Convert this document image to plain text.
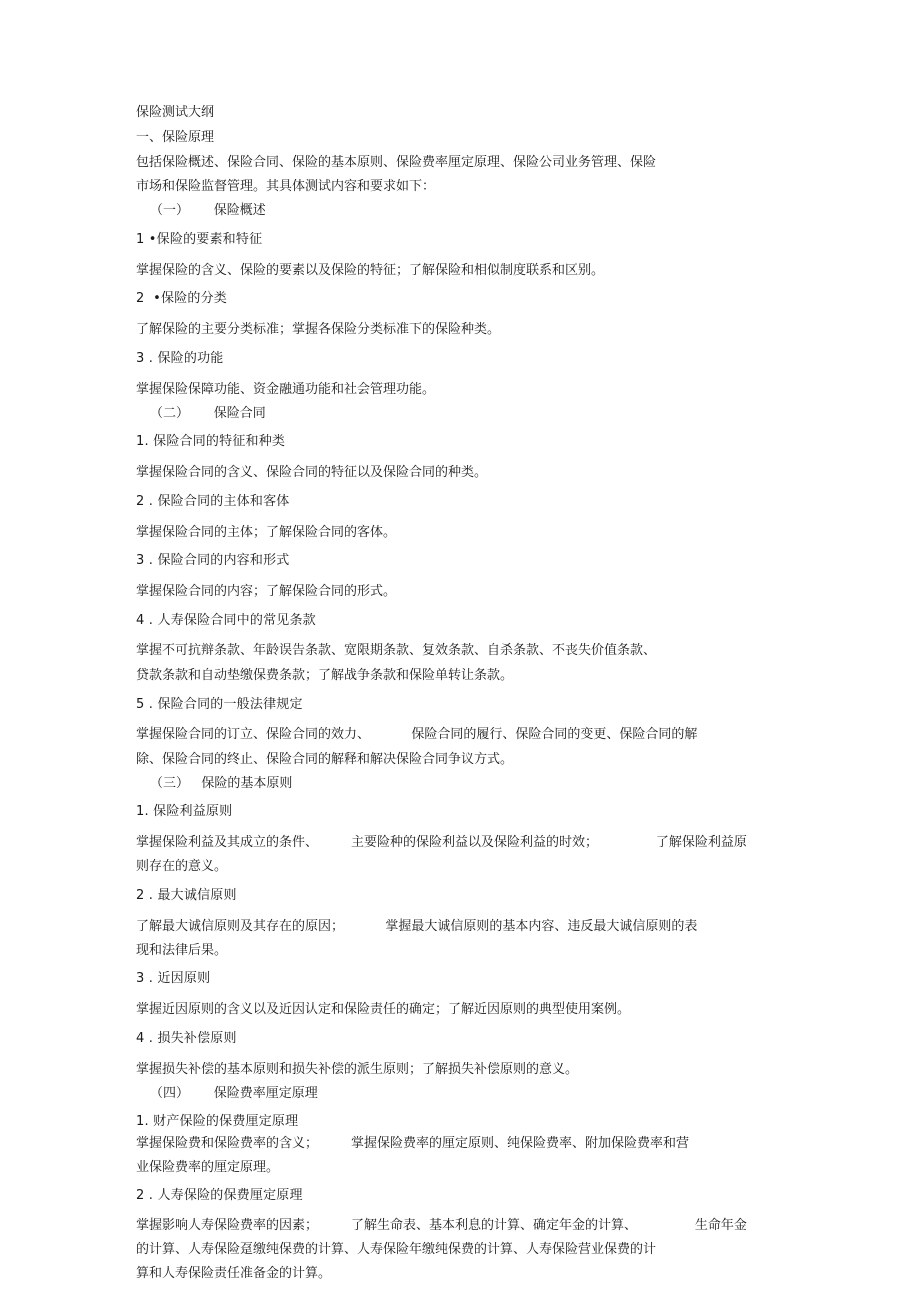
保险测试大纲
一、保险原理
包括保险概述、保险合同、保险的基本原则、保险费率厘定原理、保险公司业务管理、保险
市场和保险监督管理。其具体测试内容和要求如下：
（一）      保险概述
1 •保险的要素和特征
掌握保险的含义、保险的要素以及保险的特征；了解保险和相似制度联系和区别。
2  •保险的分类
了解保险的主要分类标准；掌握各保险分类标准下的保险种类。
3 . 保险的功能
掌握保险保障功能、资金融通功能和社会管理功能。
（二）      保险合同
1. 保险合同的特征和种类
掌握保险合同的含义、保险合同的特征以及保险合同的种类。
2 . 保险合同的主体和客体
掌握保险合同的主体；了解保险合同的客体。
3 . 保险合同的内容和形式
掌握保险合同的内容；了解保险合同的形式。
4 . 人寿保险合同中的常见条款
掌握不可抗辩条款、年龄误告条款、宽限期条款、复效条款、自杀条款、不丧失价值条款、
贷款条款和自动垫缴保费条款；了解战争条款和保险单转让条款。
5 . 保险合同的一般法律规定
掌握保险合同的订立、保险合同的效力、          保险合同的履行、保险合同的变更、保险合同的解
除、保险合同的终止、保险合同的解释和解决保险合同争议方式。
（三）   保险的基本原则
1. 保险利益原则
掌握保险利益及其成立的条件、        主要险种的保险利益以及保险利益的时效；              了解保险利益原
则存在的意义。
2 . 最大诚信原则
了解最大诚信原则及其存在的原因；          掌握最大诚信原则的基本内容、违反最大诚信原则的表
现和法律后果。
3 . 近因原则
掌握近因原则的含义以及近因认定和保险责任的确定；了解近因原则的典型使用案例。
4 . 损失补偿原则
掌握损失补偿的基本原则和损失补偿的派生原则；了解损失补偿原则的意义。
（四）      保险费率厘定原理
1. 财产保险的保费厘定原理
掌握保险费和保险费率的含义；        掌握保险费率的厘定原则、纯保险费率、附加保险费率和营
业保险费率的厘定原理。
2 . 人寿保险的保费厘定原理
掌握影响人寿保险费率的因素；        了解生命表、基本利息的计算、确定年金的计算、              生命年金
的计算、人寿保险趸缴纯保费的计算、人寿保险年缴纯保费的计算、人寿保险营业保费的计
算和人寿保险责任准备金的计算。
